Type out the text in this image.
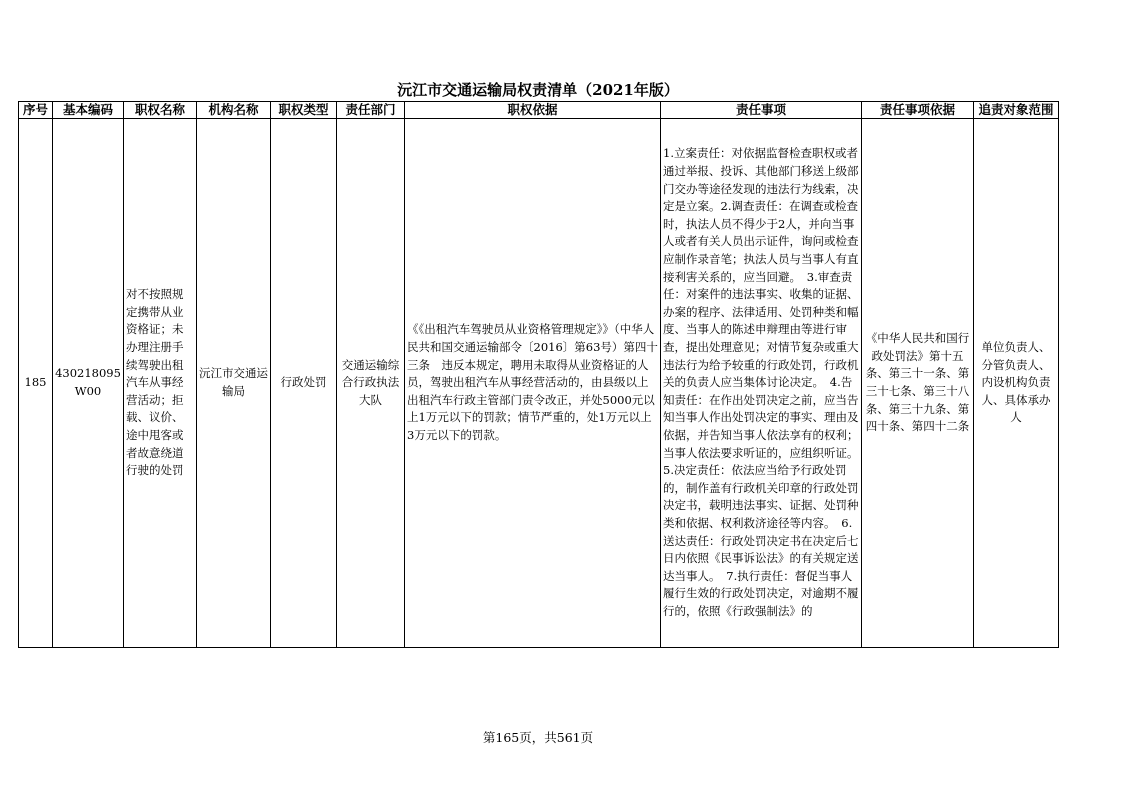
沅江市交通运输局权责清单（2021年版）
序号	基本编码	职权名称	机构名称	职权类型	责任部门	职权依据	责任事项	责任事项依据	追责对象范围
185	430218095W00	对不按照规定携带从业资格证；未办理注册手续驾驶出租汽车从事经营活动；拒载、议价、途中甩客或者故意绕道行驶的处罚	沅江市交通运输局	行政处罚	交通运输综合行政执法大队	《《出租汽车驾驶员从业资格管理规定》》（中华人民共和国交通运输部令〔2016〕第63号）第四十三条　违反本规定，聘用未取得从业资格证的人员，驾驶出租汽车从事经营活动的，由县级以上出租汽车行政主管部门责令改正，并处5000元以上1万元以下的罚款；情节严重的，处1万元以上3万元以下的罚款。	1.立案责任：对依据监督检查职权或者通过举报、投诉、其他部门移送上级部门交办等途径发现的违法行为线索，决定是立案。2.调查责任：在调查或检查时，执法人员不得少于2人，并向当事人或者有关人员出示证件，询问或检查应制作录音笔；执法人员与当事人有直接利害关系的，应当回避。　3.审查责任：对案件的违法事实、收集的证据、办案的程序、法律适用、处罚种类和幅度、当事人的陈述申辩理由等进行审查，提出处理意见；对情节复杂或重大违法行为给予较重的行政处罚，行政机关的负责人应当集体讨论决定。　4.告知责任：在作出处罚决定之前，应当告知当事人作出处罚决定的事实、理由及依据，并告知当事人依法享有的权利；当事人依法要求听证的，应组织听证。　5.决定责任：依法应当给予行政处罚的，制作盖有行政机关印章的行政处罚决定书，载明违法事实、证据、处罚种类和依据、权利救济途径等内容。　6.送达责任：行政处罚决定书在决定后七日内依照《民事诉讼法》的有关规定送达当事人。　7.执行责任：督促当事人履行生效的行政处罚决定，对逾期不履行的，依照《行政强制法》的	《中华人民共和国行政处罚法》第十五条、第三十一条、第三十七条、第三十八条、第三十九条、第四十条、第四十二条	单位负责人、分管负责人、内设机构负责人、具体承办人
第165页，共561页
